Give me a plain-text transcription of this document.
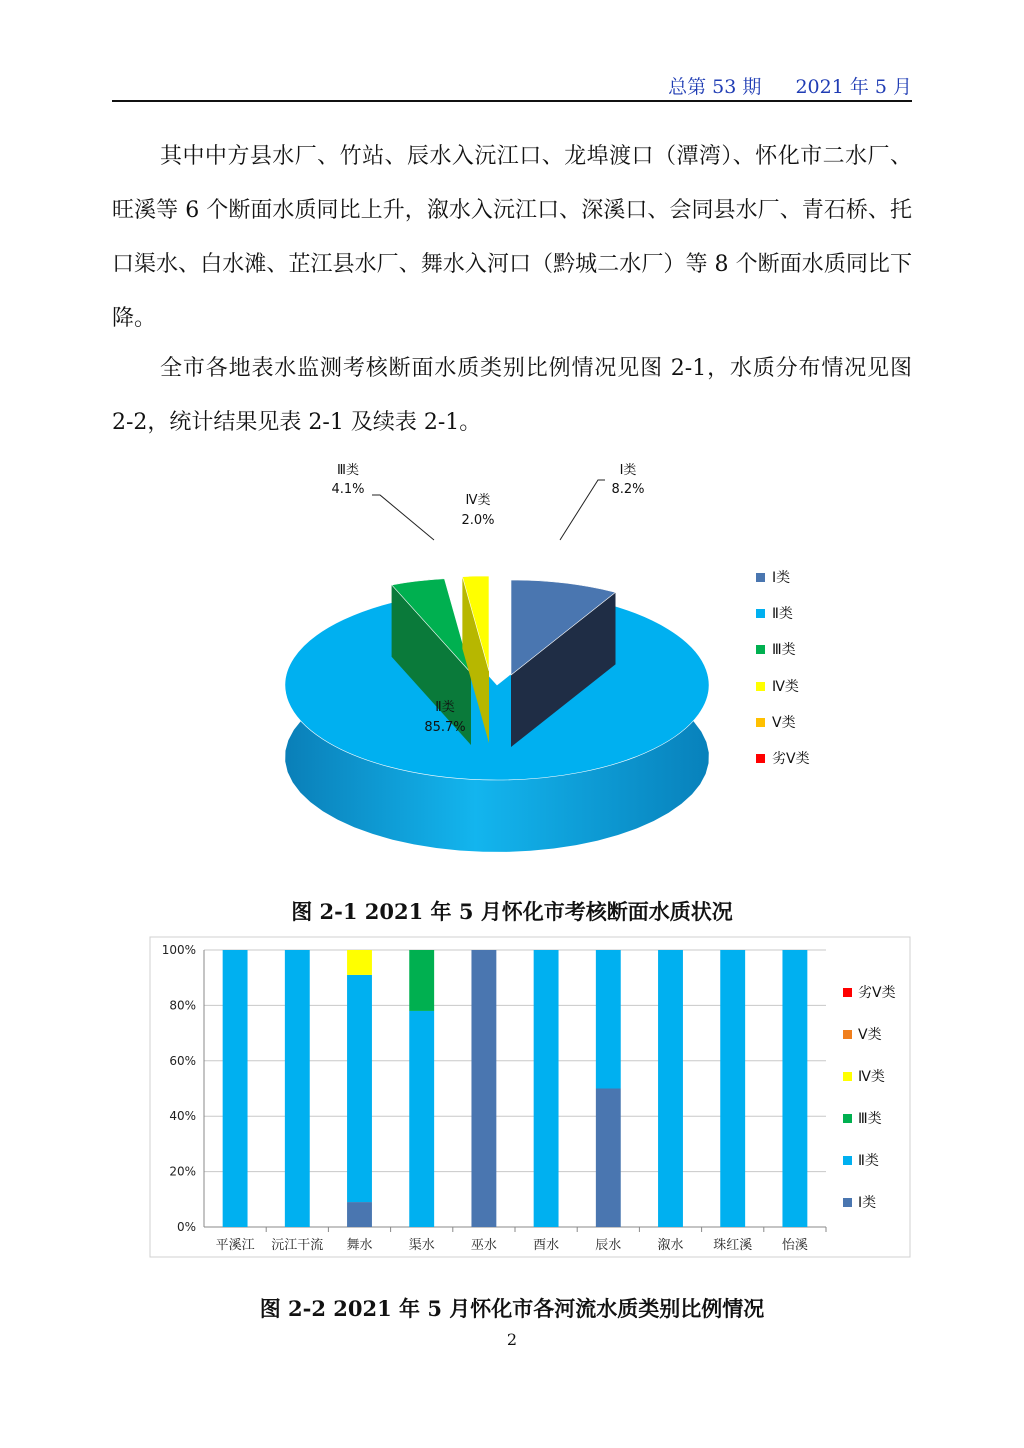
总第 53 期 2021 年 5 月

其中中方县水厂、竹站、辰水入沅江口、龙埠渡口（潭湾）、怀化市二水厂、旺溪等 6 个断面水质同比上升，溆水入沅江口、深溪口、会同县水厂、青石桥、托口渠水、白水滩、芷江县水厂、舞水入河口（黔城二水厂）等 8 个断面水质同比下降。

全市各地表水监测考核断面水质类别比例情况见图 2-1，水质分布情况见图 2-2，统计结果见表 2-1 及续表 2-1。

Ⅰ类
8.2%
Ⅲ类
4.1%
Ⅳ类
2.0%
Ⅱ类
85.7%
Ⅰ类
Ⅱ类
Ⅲ类
Ⅳ类
Ⅴ类
劣Ⅴ类
图 2-1 2021 年 5 月怀化市考核断面水质状况
0%
20%
40%
60%
80%
100%
平溪江 沅江干流 舞水	渠水	巫水	酉水	辰水	溆水 珠红溪 怡溪
劣Ⅴ类
Ⅴ类
Ⅳ类
Ⅲ类
Ⅱ类
Ⅰ类
图 2-2 2021 年 5 月怀化市各河流水质类别比例情况
2
